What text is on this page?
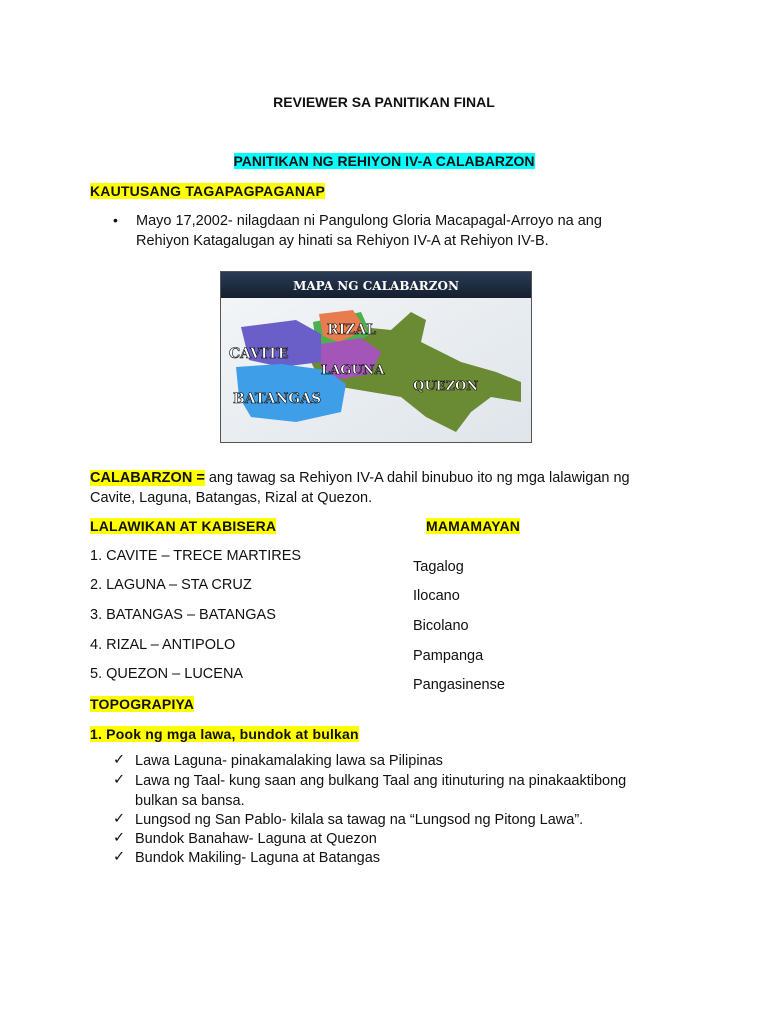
REVIEWER SA PANITIKAN FINAL
PANITIKAN NG REHIYON IV-A CALABARZON
KAUTUSANG TAGAPAGPAGANAP
• Mayo 17,2002- nilagdaan ni Pangulong Gloria Macapagal-Arroyo na ang
Rehiyon Katagalugan ay hinati sa Rehiyon IV-A at Rehiyon IV-B.
MAPA NG CALABARZON
CAVITE
RIZAL
LAGUNA
BATANGAS
QUEZON
CALABARZON = ang tawag sa Rehiyon IV-A dahil binubuo ito ng mga lalawigan ng
Cavite, Laguna, Batangas, Rizal at Quezon.
LALAWIKAN AT KABISERA	MAMAMAYAN
1. CAVITE – TRECE MARTIRES
2. LAGUNA – STA CRUZ
3. BATANGAS – BATANGAS
4. RIZAL – ANTIPOLO
5. QUEZON – LUCENA
Tagalog
Ilocano
Bicolano
Pampanga
Pangasinense
TOPOGRAPIYA
1. Pook ng mga lawa, bundok at bulkan
✓ Lawa Laguna- pinakamalaking lawa sa Pilipinas
✓ Lawa ng Taal- kung saan ang bulkang Taal ang itinuturing na pinakaaktibong
bulkan sa bansa.
✓ Lungsod ng San Pablo- kilala sa tawag na “Lungsod ng Pitong Lawa”.
✓ Bundok Banahaw- Laguna at Quezon
✓ Bundok Makiling- Laguna at Batangas
